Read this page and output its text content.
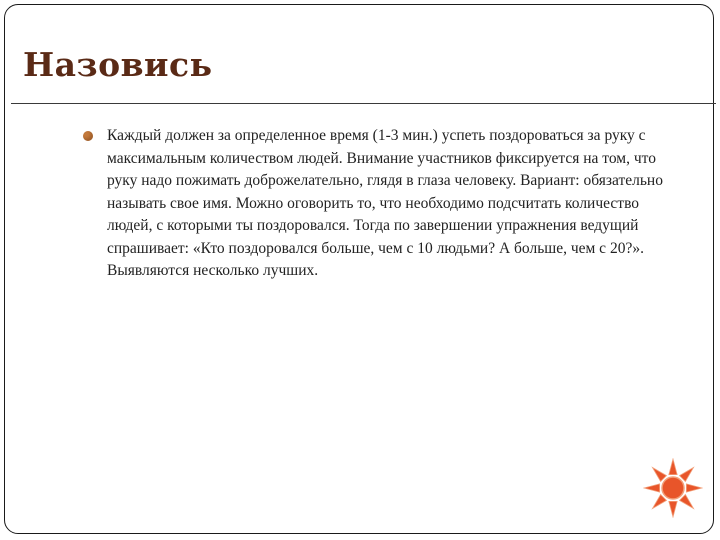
Назовись

Каждый должен за определенное время (1-3 мин.) успеть поздороваться за руку с максимальным количеством людей. Внимание участников фиксируется на том, что руку надо пожимать доброжелательно, глядя в глаза человеку. Вариант: обязательно называть свое имя. Можно оговорить то, что необходимо подсчитать количество людей, с которыми ты поздоровался. Тогда по завершении упражнения ведущий спрашивает: «Кто поздоровался больше, чем с 10 людьми? А больше, чем с 20?». Выявляются несколько лучших.
